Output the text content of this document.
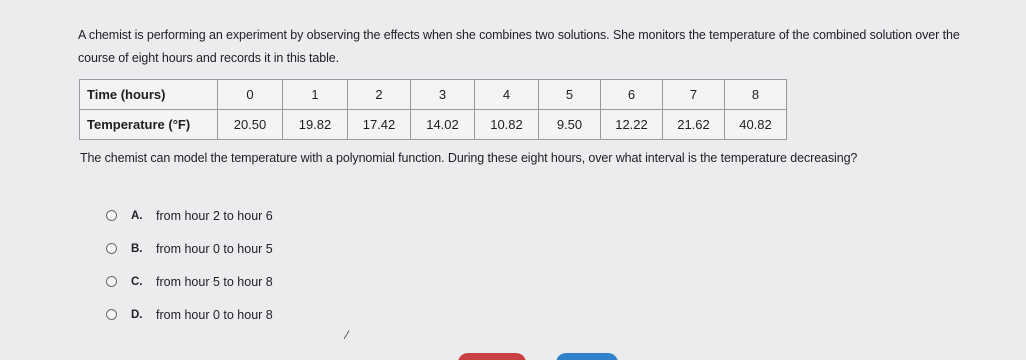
A chemist is performing an experiment by observing the effects when she combines two solutions. She monitors the temperature of the combined solution over the course of eight hours and records it in this table.

Time (hours)	0	1	2	3	4	5	6	7	8
Temperature (°F)	20.50	19.82	17.42	14.02	10.82	9.50	12.22	21.62	40.82

The chemist can model the temperature with a polynomial function. During these eight hours, over what interval is the temperature decreasing?

A.	from hour 2 to hour 6
B.	from hour 0 to hour 5
C.	from hour 5 to hour 8
D.	from hour 0 to hour 8
⁄
